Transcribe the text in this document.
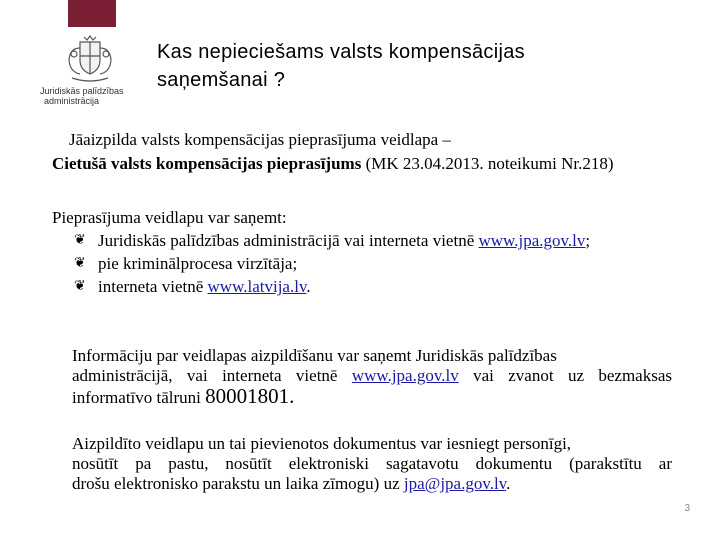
Juridiskās palīdzības
administrācija
Kas nepieciešams valsts kompensācijas
saņemšanai ?
Jāaizpilda valsts kompensācijas pieprasījuma veidlapa –
Cietušā valsts kompensācijas pieprasījums (MK 23.04.2013. noteikumi Nr.218)
Pieprasījuma veidlapu var saņemt:
❦ Juridiskās palīdzības administrācijā vai interneta vietnē www.jpa.gov.lv;
❦ pie kriminālprocesa virzītāja;
❦ interneta vietnē www.latvija.lv.
Informāciju par veidlapas aizpildīšanu var saņemt Juridiskās palīdzības
administrācijā, vai interneta vietnē www.jpa.gov.lv vai zvanot uz bezmaksas
informatīvo tālruni 80001801.
Aizpildīto veidlapu un tai pievienotos dokumentus var iesniegt personīgi,
nosūtīt pa pastu, nosūtīt elektroniski sagatavotu dokumentu (parakstītu ar
drošu elektronisko parakstu un laika zīmogu) uz jpa@jpa.gov.lv.
3
